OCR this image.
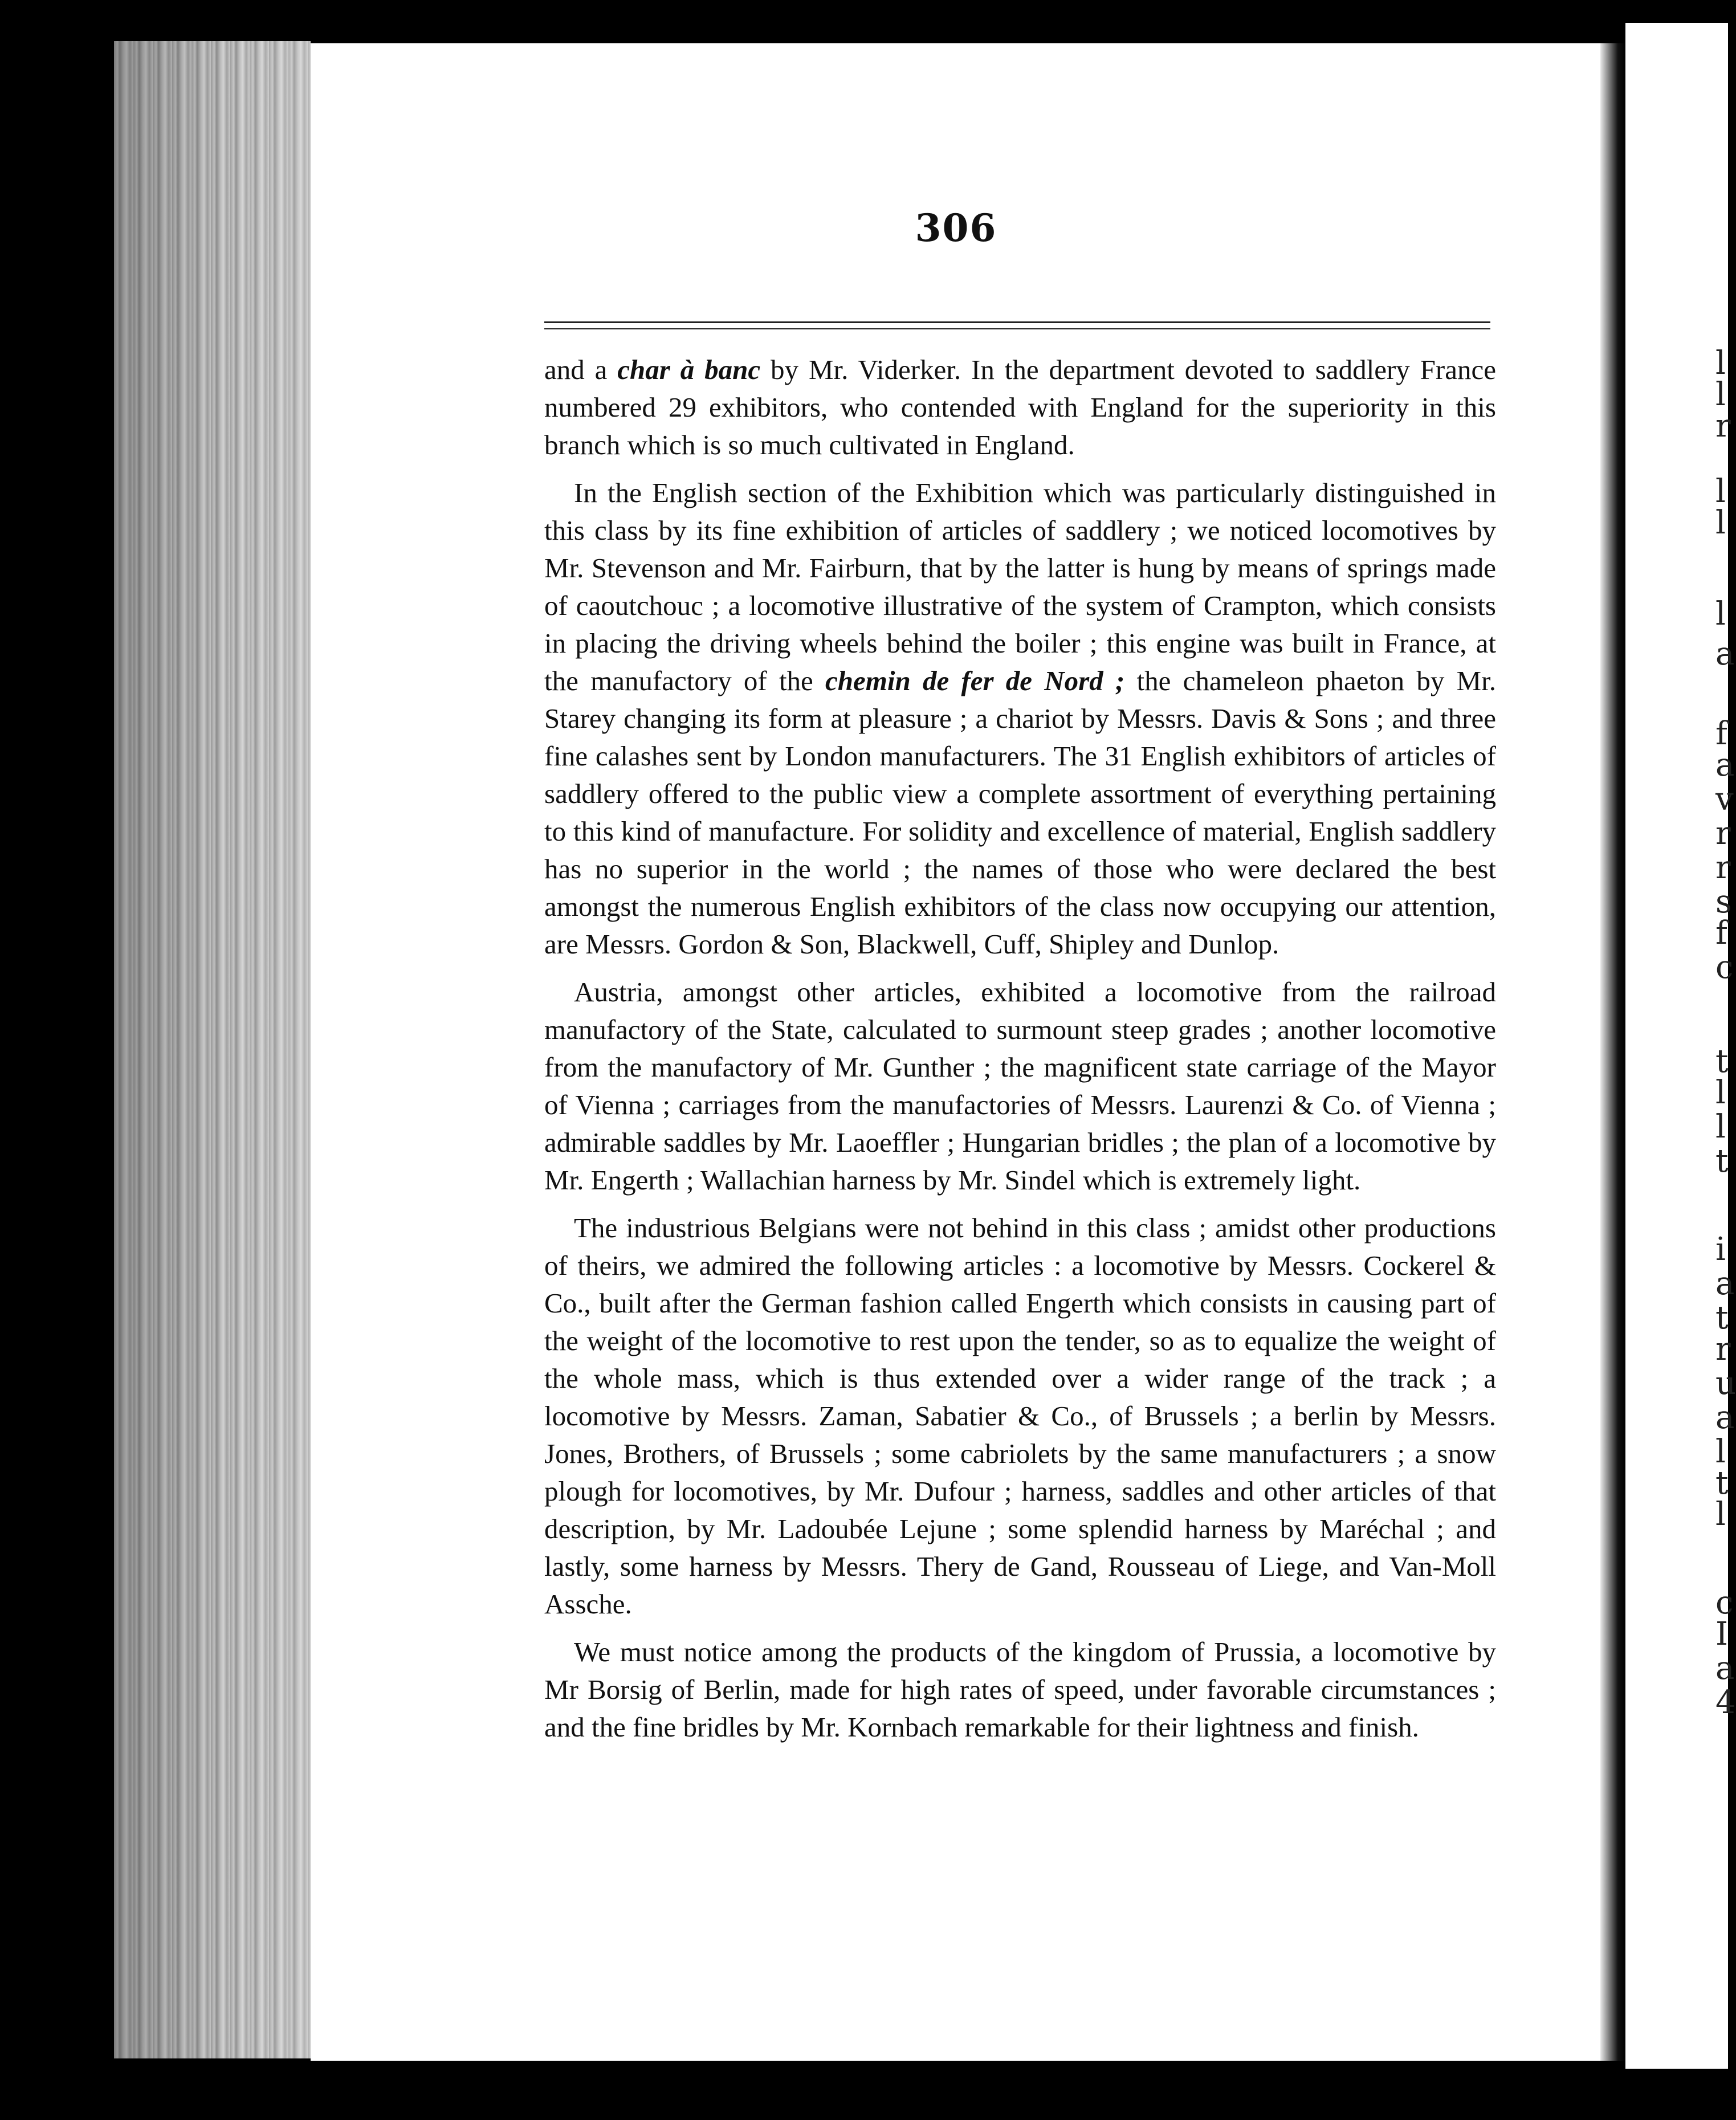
306

and a char à banc by Mr. Viderker. In the department devoted to saddlery France numbered 29 exhibitors, who contended with England for the superiority in this branch which is so much cultivated in England.

In the English section of the Exhibition which was particularly distinguished in this class by its fine exhibition of articles of saddlery ; we noticed locomotives by Mr. Stevenson and Mr. Fairburn, that by the latter is hung by means of springs made of caoutchouc ; a locomotive illustrative of the system of Crampton, which consists in placing the driving wheels behind the boiler ; this engine was built in France, at the manufactory of the chemin de fer de Nord ; the chameleon phaeton by Mr. Starey changing its form at pleasure ; a chariot by Messrs. Davis & Sons ; and three fine calashes sent by London manufacturers. The 31 English exhibitors of articles of saddlery offered to the public view a complete assortment of everything pertaining to this kind of manufacture. For solidity and excellence of material, English saddlery has no superior in the world ; the names of those who were declared the best amongst the numerous English exhibitors of the class now occupying our attention, are Messrs. Gordon & Son, Blackwell, Cuff, Shipley and Dunlop.

Austria, amongst other articles, exhibited a locomotive from the railroad manufactory of the State, calculated to surmount steep grades ; another locomotive from the manufactory of Mr. Gunther ; the magnificent state carriage of the Mayor of Vienna ; carriages from the manufactories of Messrs. Laurenzi & Co. of Vienna ; admirable saddles by Mr. Laoeffler ; Hungarian bridles ; the plan of a locomotive by Mr. Engerth ; Wallachian harness by Mr. Sindel which is extremely light.

The industrious Belgians were not behind in this class ; amidst other productions of theirs, we admired the following articles : a locomotive by Messrs. Cockerel & Co., built after the German fashion called Engerth which consists in causing part of the weight of the locomotive to rest upon the tender, so as to equalize the weight of the whole mass, which is thus extended over a wider range of the track ; a locomotive by Messrs. Zaman, Sabatier & Co., of Brussels ; a berlin by Messrs. Jones, Brothers, of Brussels ; some cabriolets by the same manufacturers ; a snow plough for locomotives, by Mr. Dufour ; harness, saddles and other articles of that description, by Mr. Ladoubée Lejune ; some splendid harness by Maréchal ; and lastly, some harness by Messrs. Thery de Gand, Rousseau of Liege, and Van-Moll Assche.

We must notice among the products of the kingdom of Prussia, a locomotive by Mr Borsig of Berlin, made for high rates of speed, under favorable circumstances ; and the fine bridles by Mr. Kornbach remarkable for their lightness and finish.

l
l
r
l
l
l
a
f
a
v
r
r
s
f
c
t
l
l
t
i
a
t
r
u
a
l
t
l
c
I
a
4
